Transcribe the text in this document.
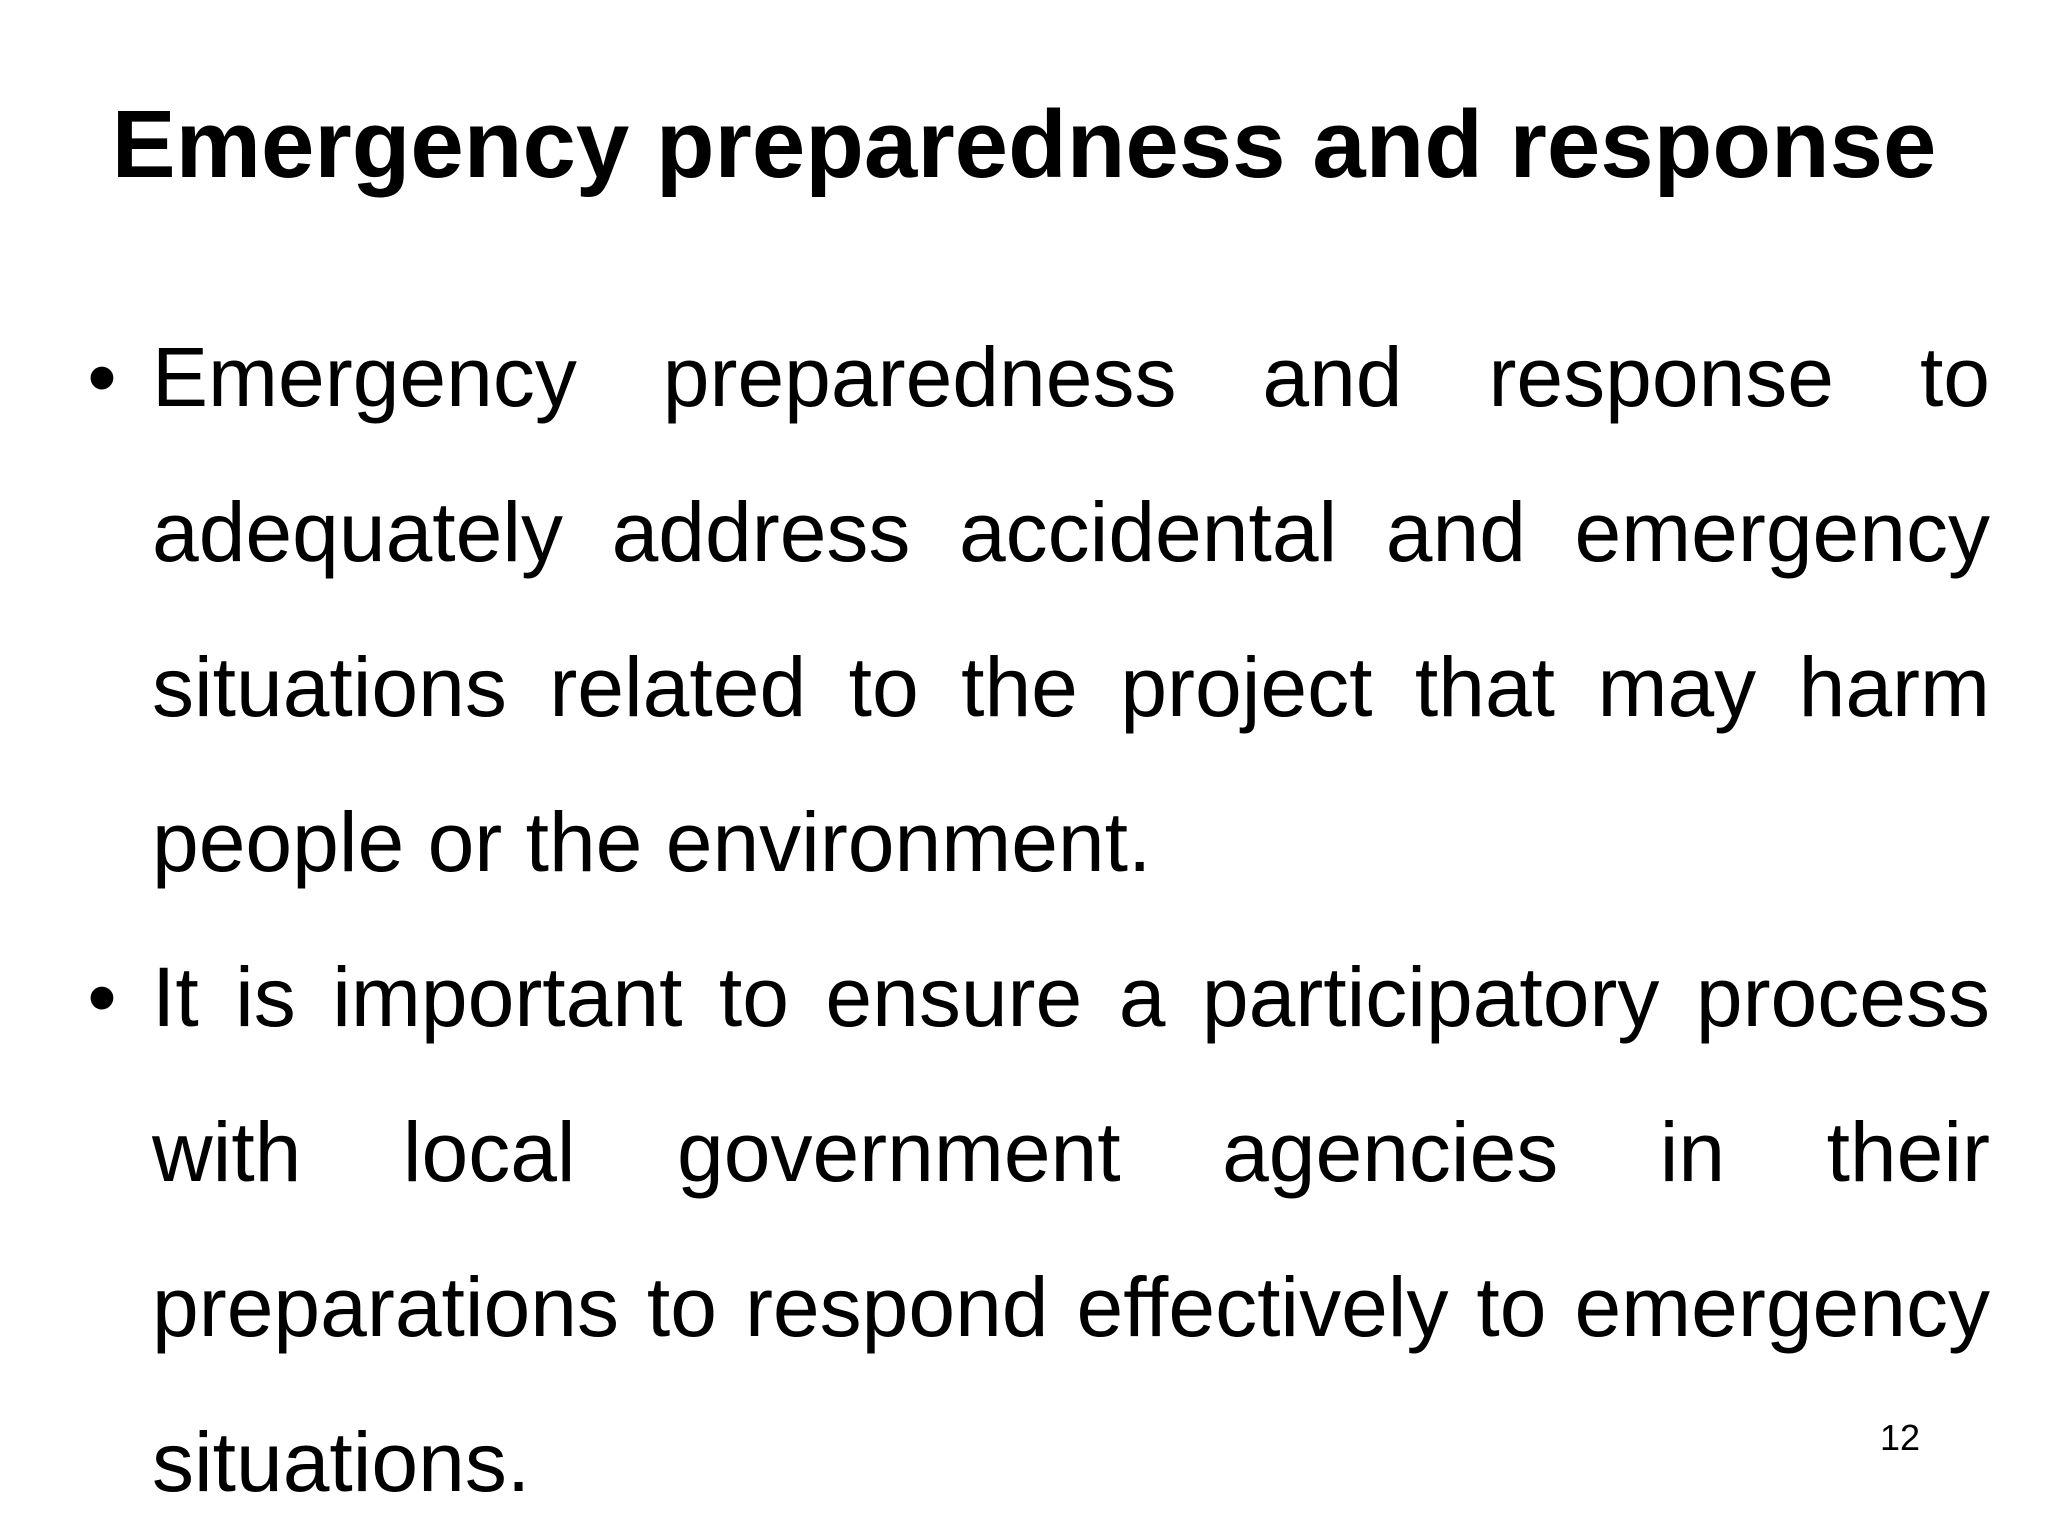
Emergency preparedness and response
• Emergency preparedness and response to adequately address accidental and emergency situations related to the project that may harm people or the environment.
• It is important to ensure a participatory process with local government agencies in their preparations to respond effectively to emergency situations.	12
